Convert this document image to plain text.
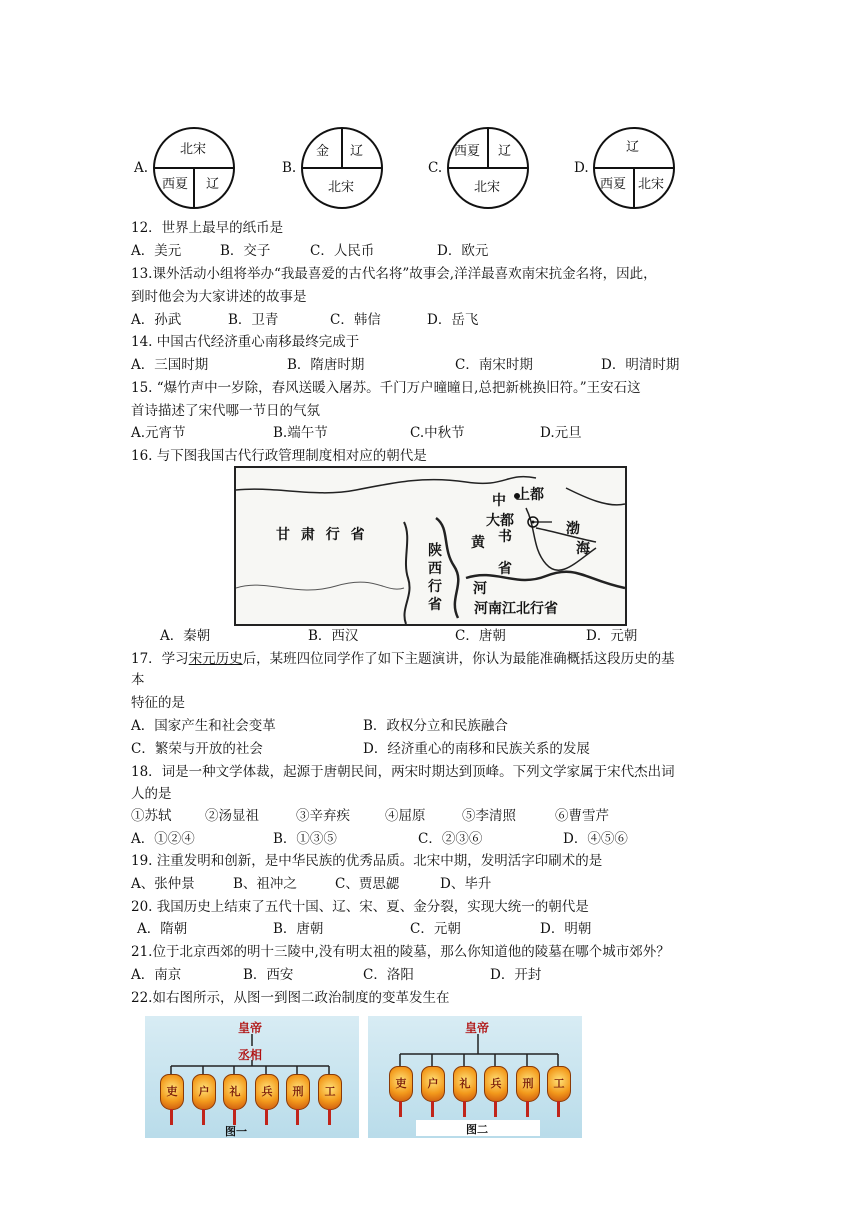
A.
北宋
西夏 辽
B.
金 辽
北宋
C.
西夏 辽
北宋
D.
辽
西夏 北宋
12．世界上最早的纸币是
A．美元	B．交子	C．人民币	D．欧元
13.课外活动小组将举办“我最喜爱的古代名将”故事会,洋洋最喜欢南宋抗金名将，因此，
到时他会为大家讲述的故事是
A．孙武	B．卫青	C．韩信	D．岳飞
14. 中国古代经济重心南移最终完成于
A．三国时期	B．隋唐时期	C．南宋时期	D．明清时期
15. “爆竹声中一岁除，春风送暖入屠苏。千门万户曈曈日,总把新桃换旧符。”王安石这
首诗描述了宋代哪一节日的气氛
A.元宵节	B.端午节	C.中秋节	D.元旦
16. 与下图我国古代行政管理制度相对应的朝代是
甘 肃 行 省
陕
西
行
省
中
书
省
黄
河
上都
大都	渤
海
河南江北行省
A．秦朝	B．西汉	C．唐朝	D．元朝
17．学习宋元历史后，某班四位同学作了如下主题演讲，你认为最能准确概括这段历史的基
本
特征的是
A．国家产生和社会变革	B．政权分立和民族融合
C．繁荣与开放的社会	D．经济重心的南移和民族关系的发展
18．词是一种文学体裁，起源于唐朝民间，两宋时期达到顶峰。下列文学家属于宋代杰出词
人的是
①苏轼 ②汤显祖	③辛弃疾	④屈原	⑤李清照	⑥曹雪芹
A．①②④	B．①③⑤	C．②③⑥	D．④⑤⑥
19. 注重发明和创新，是中华民族的优秀品质。北宋中期，发明活字印刷术的是
A、张仲景	B、祖冲之	C、贾思勰	D、毕升
20. 我国历史上结束了五代十国、辽、宋、夏、金分裂，实现大统一的朝代是
A．隋朝	B．唐朝	C．元朝	D．明朝
21.位于北京西郊的明十三陵中,没有明太祖的陵墓，那么你知道他的陵墓在哪个城市郊外？
A．南京	B．西安	C．洛阳	D．开封
22.如右图所示，从图一到图二政治制度的变革发生在
皇帝
丞相
吏	户	礼	兵	刑	工
图一
皇帝
吏	户	礼	兵	刑	工
图二
